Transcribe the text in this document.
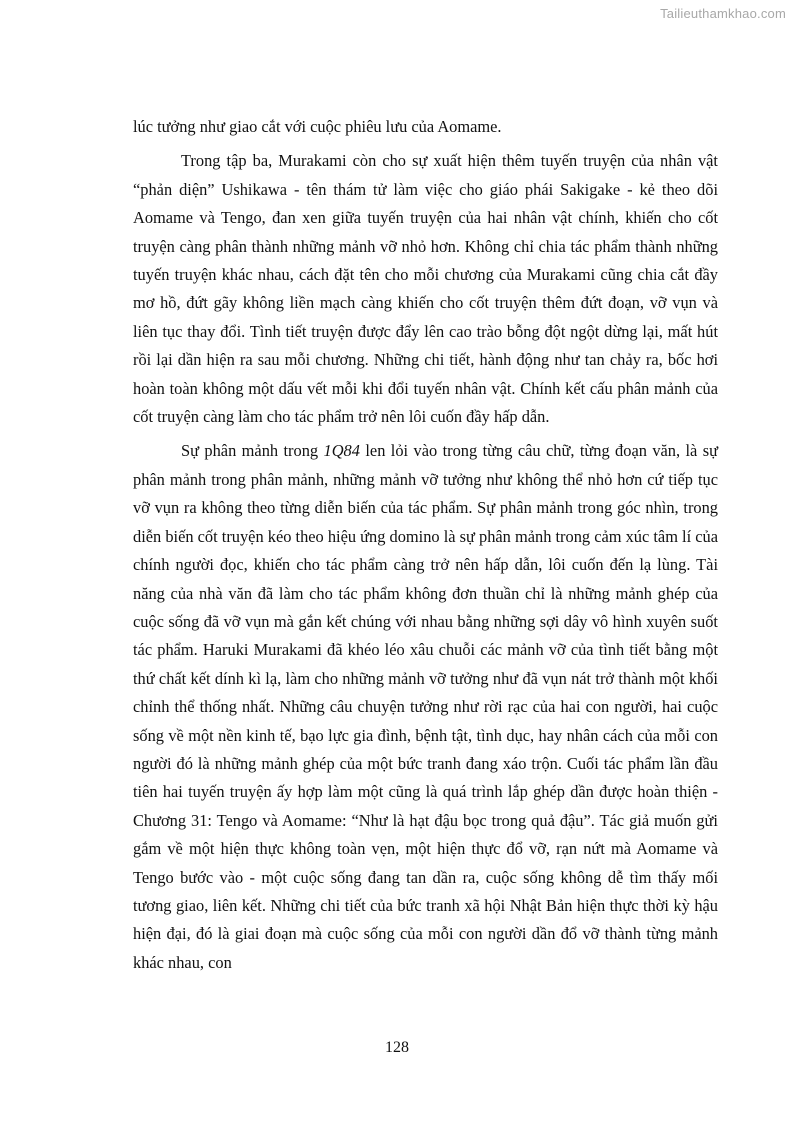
Tailieuthamkhao.com

lúc tưởng như giao cắt với cuộc phiêu lưu của Aomame.

Trong tập ba, Murakami còn cho sự xuất hiện thêm tuyến truyện của nhân vật “phản diện” Ushikawa - tên thám tử làm việc cho giáo phái Sakigake - kẻ theo dõi Aomame và Tengo, đan xen giữa tuyến truyện của hai nhân vật chính, khiến cho cốt truyện càng phân thành những mảnh vỡ nhỏ hơn. Không chỉ chia tác phẩm thành những tuyến truyện khác nhau, cách đặt tên cho mỗi chương của Murakami cũng chia cắt đầy mơ hồ, đứt gãy không liền mạch càng khiến cho cốt truyện thêm đứt đoạn, vỡ vụn và liên tục thay đổi. Tình tiết truyện được đẩy lên cao trào bỗng đột ngột dừng lại, mất hút rồi lại dần hiện ra sau mỗi chương. Những chi tiết, hành động như tan chảy ra, bốc hơi hoàn toàn không một dấu vết mỗi khi đổi tuyến nhân vật. Chính kết cấu phân mảnh của cốt truyện càng làm cho tác phẩm trở nên lôi cuốn đầy hấp dẫn.

Sự phân mảnh trong 1Q84 len lỏi vào trong từng câu chữ, từng đoạn văn, là sự phân mảnh trong phân mảnh, những mảnh vỡ tưởng như không thể nhỏ hơn cứ tiếp tục vỡ vụn ra không theo từng diễn biến của tác phẩm. Sự phân mảnh trong góc nhìn, trong diễn biến cốt truyện kéo theo hiệu ứng domino là sự phân mảnh trong cảm xúc tâm lí của chính người đọc, khiến cho tác phẩm càng trở nên hấp dẫn, lôi cuốn đến lạ lùng. Tài năng của nhà văn đã làm cho tác phẩm không đơn thuần chỉ là những mảnh ghép của cuộc sống đã vỡ vụn mà gắn kết chúng với nhau bằng những sợi dây vô hình xuyên suốt tác phẩm. Haruki Murakami đã khéo léo xâu chuỗi các mảnh vỡ của tình tiết bằng một thứ chất kết dính kì lạ, làm cho những mảnh vỡ tưởng như đã vụn nát trở thành một khối chỉnh thể thống nhất. Những câu chuyện tưởng như rời rạc của hai con người, hai cuộc sống về một nền kinh tế, bạo lực gia đình, bệnh tật, tình dục, hay nhân cách của mỗi con người đó là những mảnh ghép của một bức tranh đang xáo trộn. Cuối tác phẩm lần đầu tiên hai tuyến truyện ấy hợp làm một cũng là quá trình lắp ghép dần được hoàn thiện - Chương 31: Tengo và Aomame: “Như là hạt đậu bọc trong quả đậu”. Tác giả muốn gửi gắm về một hiện thực không toàn vẹn, một hiện thực đổ vỡ, rạn nứt mà Aomame và Tengo bước vào - một cuộc sống đang tan dần ra, cuộc sống không dễ tìm thấy mối tương giao, liên kết. Những chi tiết của bức tranh xã hội Nhật Bản hiện thực thời kỳ hậu hiện đại, đó là giai đoạn mà cuộc sống của mỗi con người dần đổ vỡ thành từng mảnh khác nhau, con

128
